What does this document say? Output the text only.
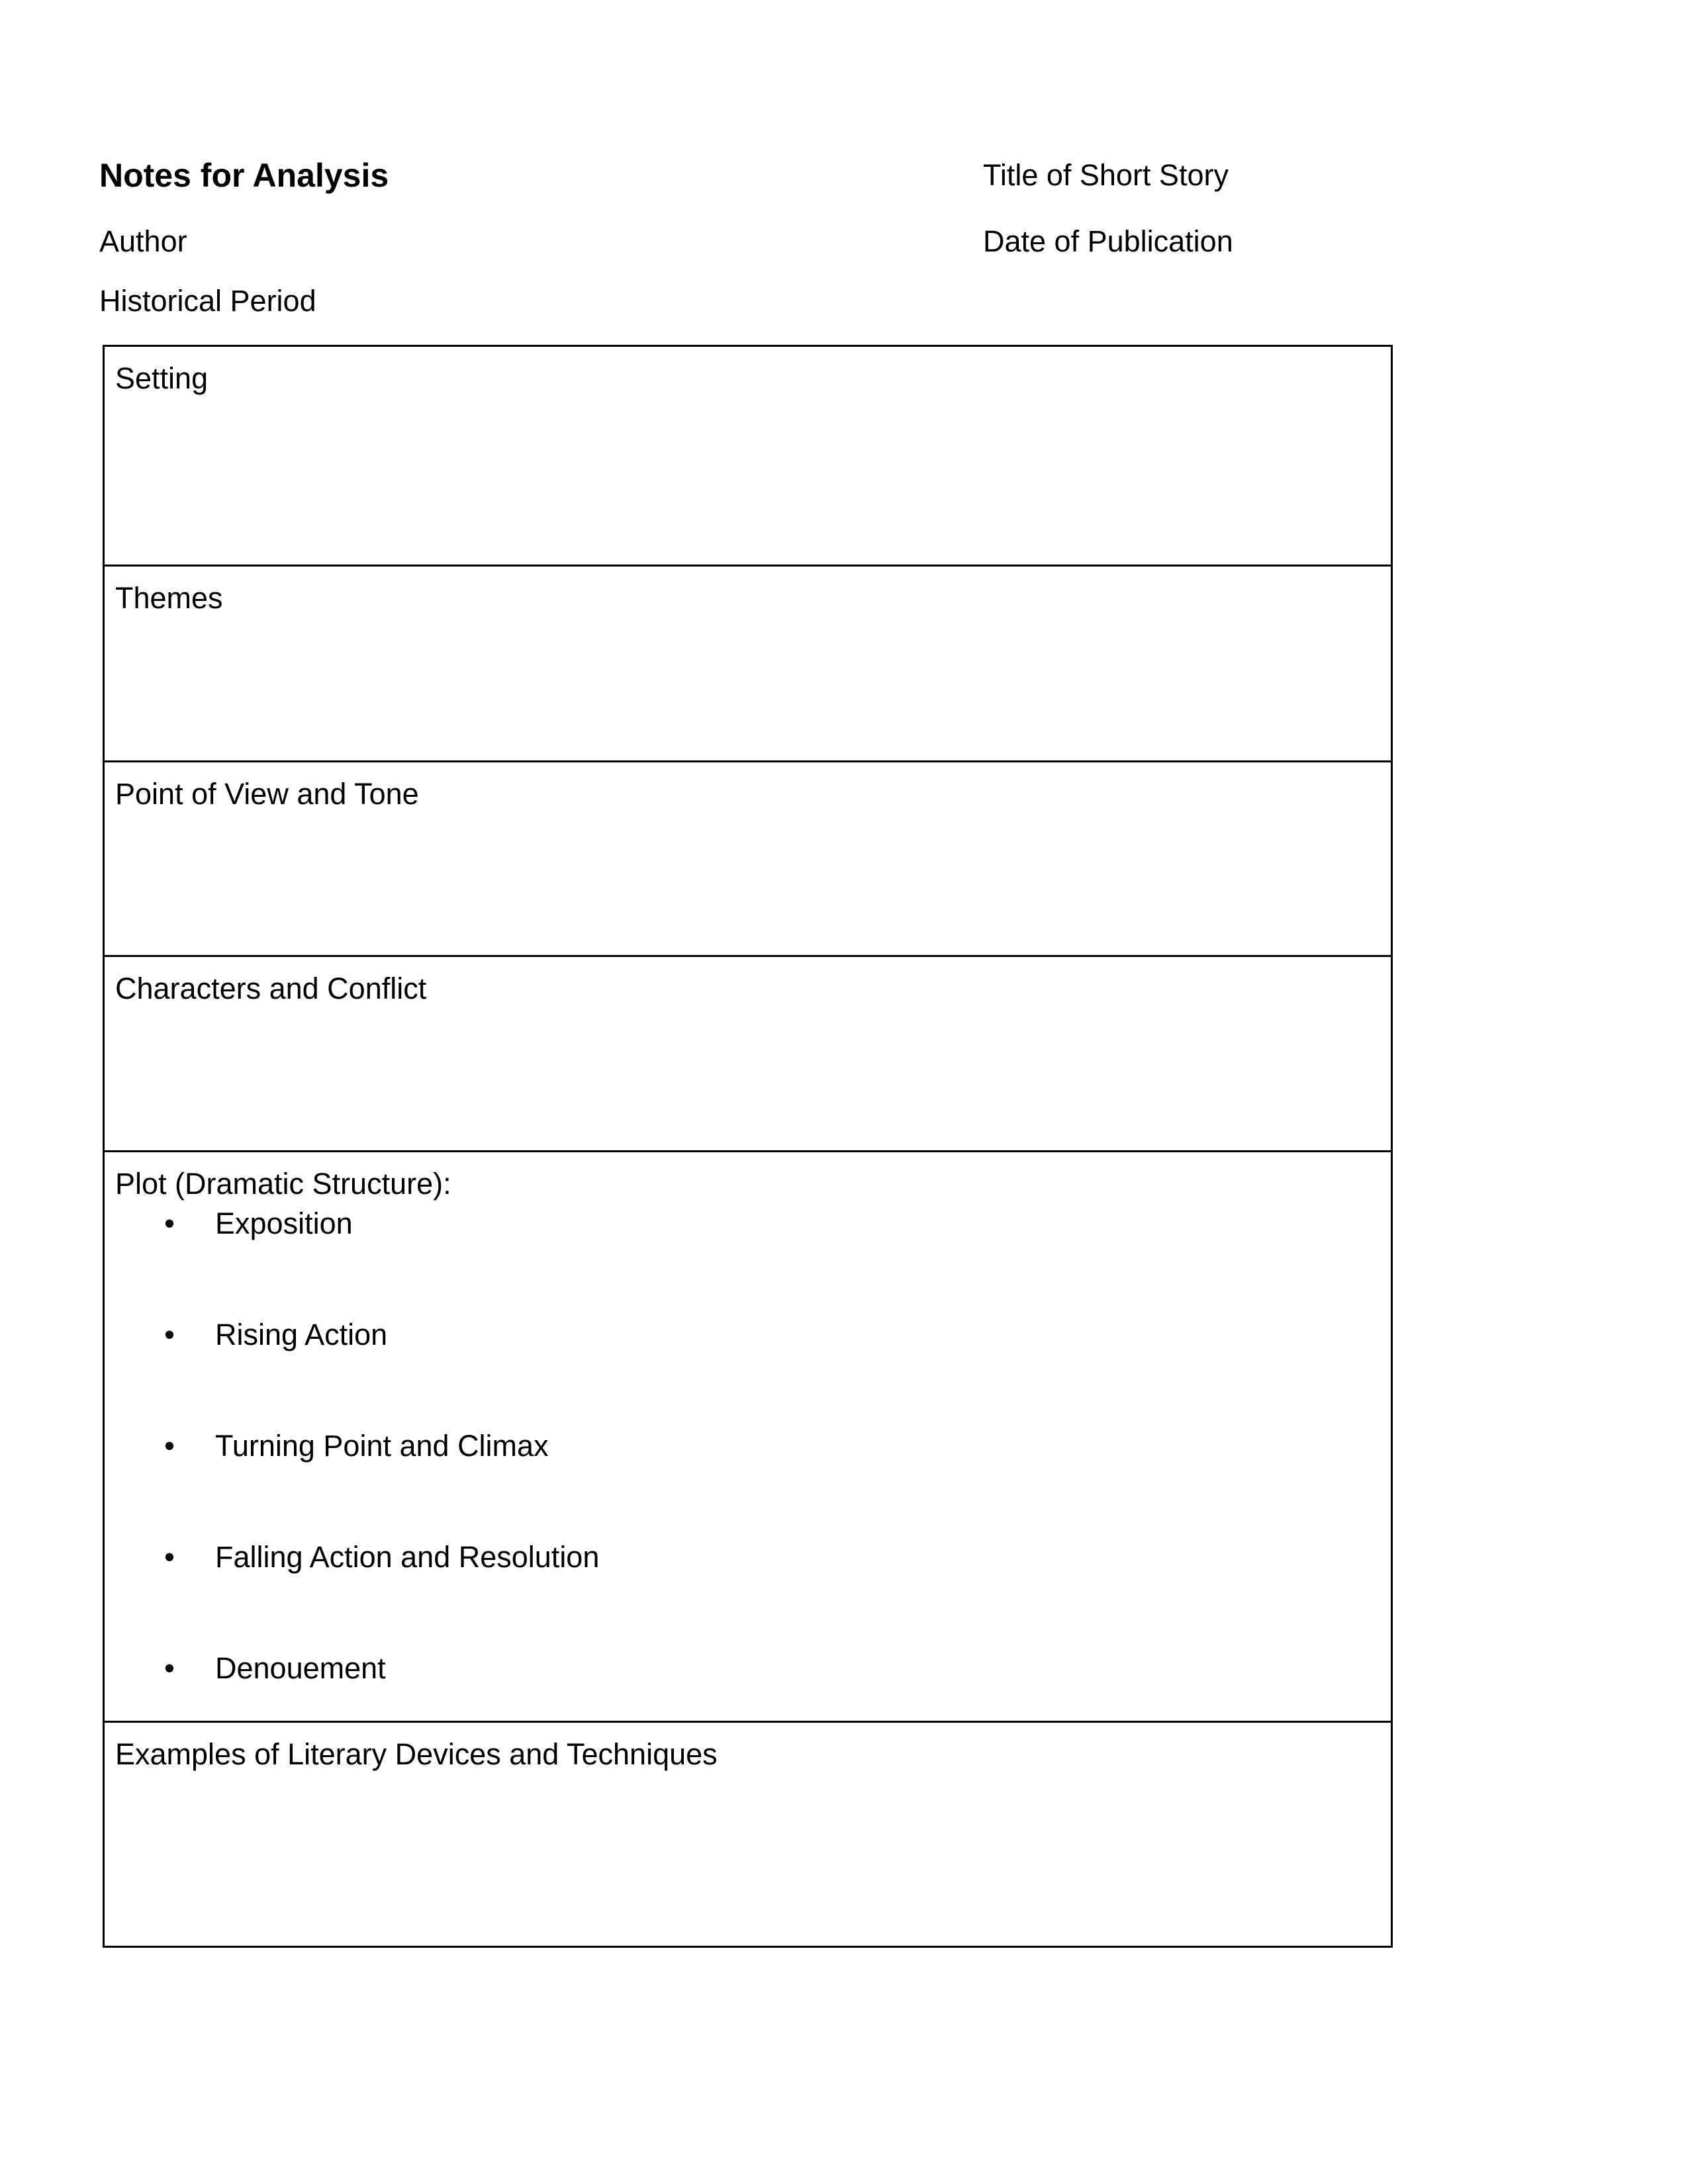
Notes for Analysis	Title of Short Story
Author	Date of Publication
Historical Period
Setting
Themes
Point of View and Tone
Characters and Conflict
Plot (Dramatic Structure):
•	Exposition
•	Rising Action
•	Turning Point and Climax
•	Falling Action and Resolution
•	Denouement
Examples of Literary Devices and Techniques
